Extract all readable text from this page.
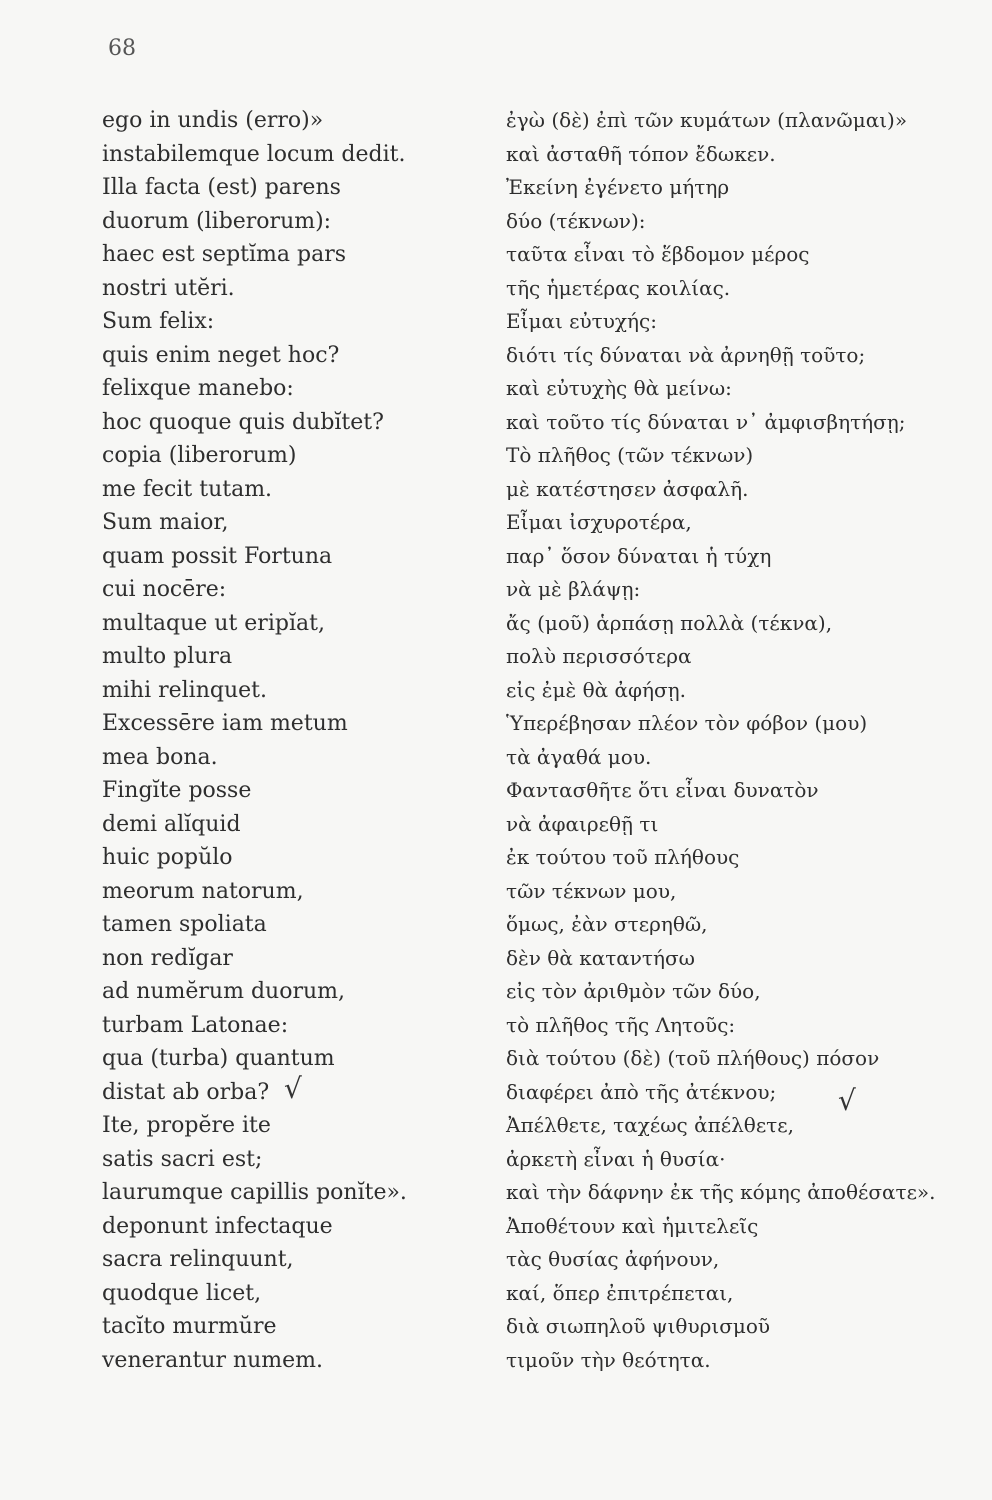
68
ego in undis (erro)»
instabilemque locum dedit.
Illa facta (est) parens
duorum (liberorum):
haec est septĭma pars
nostri utĕri.
Sum felix:
quis enim neget hoc?
felixque manebo:
hoc quoque quis dubĭtet?
copia (liberorum)
me fecit tutam.
Sum maior,
quam possit Fortuna
cui nocēre:
multaque ut eripĭat,
multo plura
mihi relinquet.
Excessēre iam metum
mea bona.
Fingĭte posse
demi alĭquid
huic popŭlo
meorum natorum,
tamen spoliata
non redĭgar
ad numĕrum duorum,
turbam Latonae:
qua (turba) quantum
distat ab orba?
Ite, propĕre ite
satis sacri est;
laurumque capillis ponĭte».
deponunt infectaque
sacra relinquunt,
quodque licet,
tacĭto murmŭre
venerantur numem.
ἐγὼ (δὲ) ἐπὶ τῶν κυμάτων (πλανῶμαι)»
καὶ ἀσταθῆ τόπον ἔδωκεν.
Ἐκείνη ἐγένετο μήτηρ
δύο (τέκνων):
ταῦτα εἶναι τὸ ἕβδομον μέρος
τῆς ἡμετέρας κοιλίας.
Εἶμαι εὐτυχής:
διότι τίς δύναται νὰ ἀρνηθῇ τοῦτο;
καὶ εὐτυχὴς θὰ μείνω:
καὶ τοῦτο τίς δύναται ν᾽ ἀμφισβητήσῃ;
Τὸ πλῆθος (τῶν τέκνων)
μὲ κατέστησεν ἀσφαλῆ.
Εἶμαι ἰσχυροτέρα,
παρ᾽ ὅσον δύναται ἡ τύχη
νὰ μὲ βλάψῃ:
ἄς (μοῦ) ἁρπάσῃ πολλὰ (τέκνα),
πολὺ περισσότερα
εἰς ἐμὲ θὰ ἀφήσῃ.
Ὑπερέβησαν πλέον τὸν φόβον (μου)
τὰ ἀγαθά μου.
Φαντασθῆτε ὅτι εἶναι δυνατὸν
νὰ ἀφαιρεθῇ τι
ἐκ τούτου τοῦ πλήθους
τῶν τέκνων μου,
ὅμως, ἐὰν στερηθῶ,
δὲν θὰ καταντήσω
εἰς τὸν ἀριθμὸν τῶν δύο,
τὸ πλῆθος τῆς Λητοῦς:
διὰ τούτου (δὲ) (τοῦ πλήθους) πόσον
διαφέρει ἀπὸ τῆς ἀτέκνου;
Ἀπέλθετε, ταχέως ἀπέλθετε,
ἀρκετὴ εἶναι ἡ θυσία·
καὶ τὴν δάφνην ἐκ τῆς κόμης ἀποθέσατε».
Ἀποθέτουν καὶ ἡμιτελεῖς
τὰς θυσίας ἀφήνουν,
καί, ὅπερ ἐπιτρέπεται,
διὰ σιωπηλοῦ ψιθυρισμοῦ
τιμοῦν τὴν θεότητα.
√	√
